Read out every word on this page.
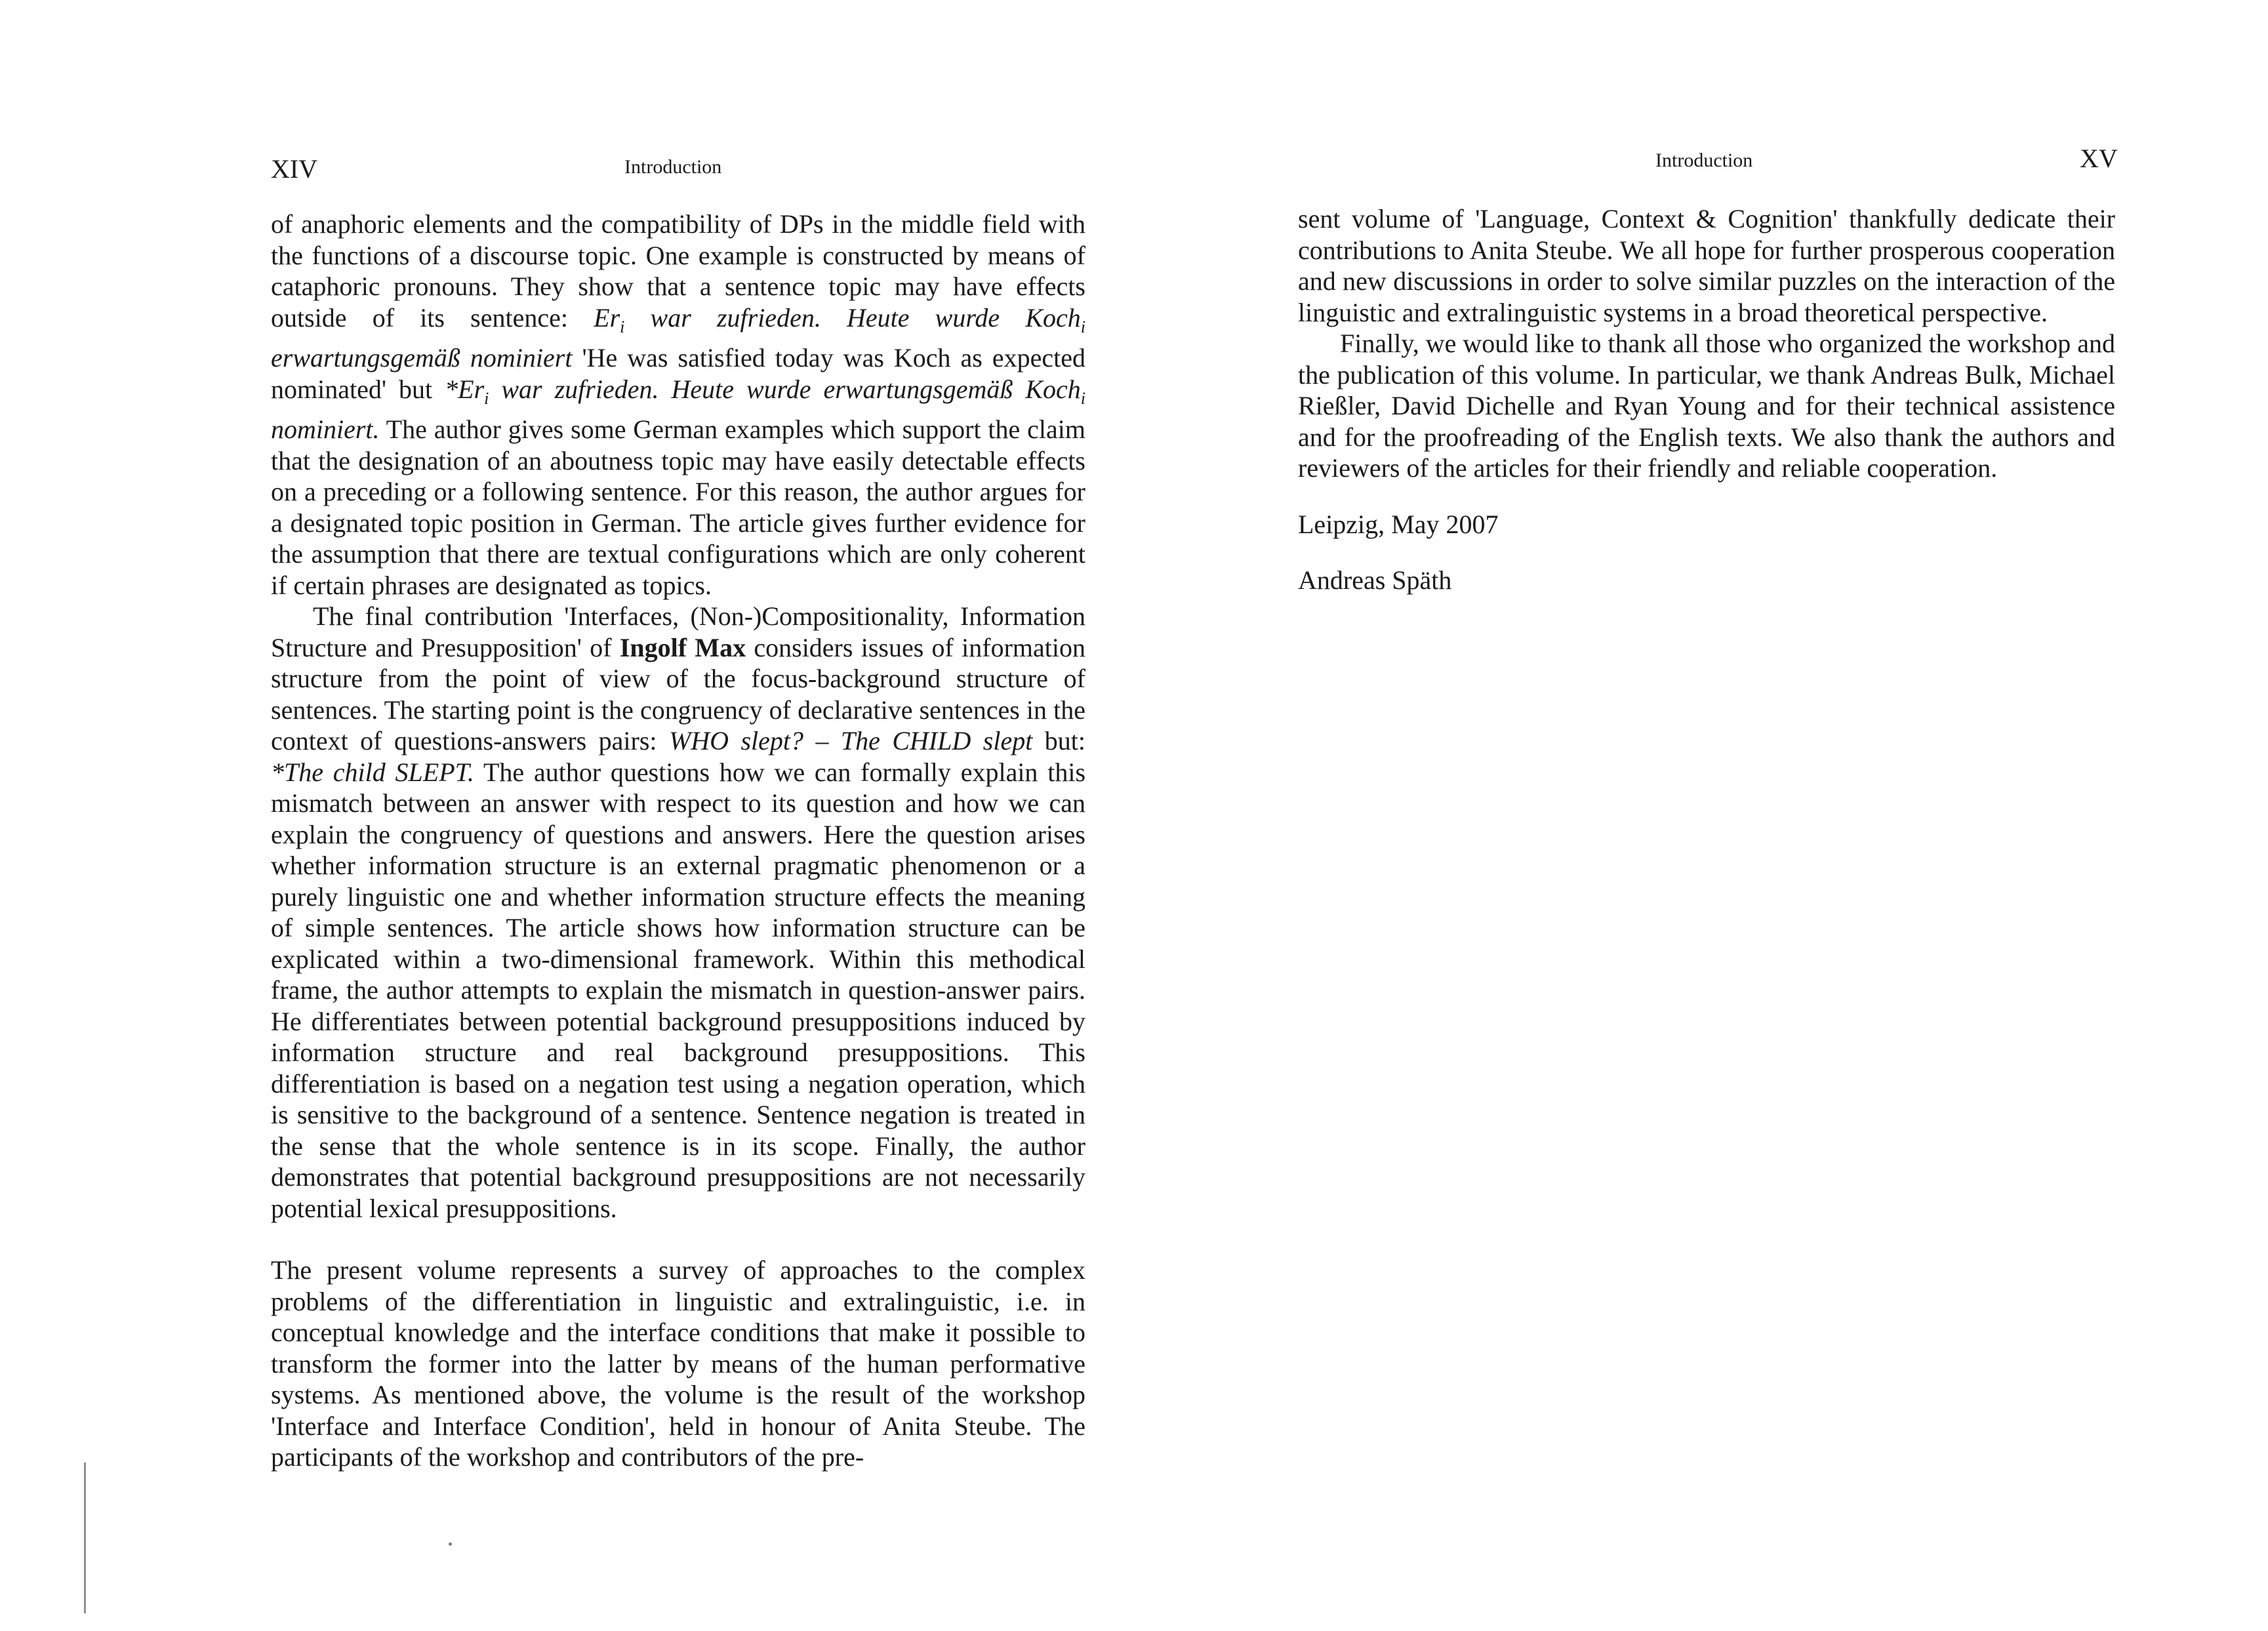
XIV	Introduction

of anaphoric elements and the compatibility of DPs in the middle field with the functions of a discourse topic. One example is constructed by means of cataphoric pronouns. They show that a sentence topic may have effects outside of its sentence: $Er_i$ war zufrieden. Heute wurde Koch$_i$ erwartungsgemäß nominiert 'He was satisfied today was Koch as expected nominated' but $*Er_i$ war zufrieden. Heute wurde erwartungsgemäß Koch$_i$ nominiert. The author gives some German examples which support the claim that the designation of an aboutness topic may have easily detectable effects on a preceding or a following sentence. For this reason, the author argues for a designated topic position in German. The article gives further evidence for the assumption that there are textual configurations which are only coherent if certain phrases are designated as topics.

The final contribution 'Interfaces, (Non-)Compositionality, Information Structure and Presupposition' of Ingolf Max considers issues of information structure from the point of view of the focus-background structure of sentences. The starting point is the congruency of declarative sentences in the context of questions-answers pairs: WHO slept? – The CHILD slept but: *The child SLEPT. The author questions how we can formally explain this mismatch between an answer with respect to its question and how we can explain the congruency of questions and answers. Here the question arises whether information structure is an external pragmatic phenomenon or a purely linguistic one and whether information structure effects the meaning of simple sentences. The article shows how information structure can be explicated within a two-dimensional framework. Within this methodical frame, the author attempts to explain the mismatch in question-answer pairs. He differentiates between potential background presuppositions induced by information structure and real background presuppositions. This differentiation is based on a negation test using a negation operation, which is sensitive to the background of a sentence. Sentence negation is treated in the sense that the whole sentence is in its scope. Finally, the author demonstrates that potential background presuppositions are not necessarily potential lexical presuppositions.

The present volume represents a survey of approaches to the complex problems of the differentiation in linguistic and extralinguistic, i.e. in conceptual knowledge and the interface conditions that make it possible to transform the former into the latter by means of the human performative systems. As mentioned above, the volume is the result of the workshop 'Interface and Interface Condition', held in honour of Anita Steube. The participants of the workshop and contributors of the pre-

Introduction	XV

sent volume of 'Language, Context & Cognition' thankfully dedicate their contributions to Anita Steube. We all hope for further prosperous cooperation and new discussions in order to solve similar puzzles on the interaction of the linguistic and extralinguistic systems in a broad theoretical perspective.

Finally, we would like to thank all those who organized the workshop and the publication of this volume. In particular, we thank Andreas Bulk, Michael Rießler, David Dichelle and Ryan Young and for their technical assistence and for the proofreading of the English texts. We also thank the authors and reviewers of the articles for their friendly and reliable cooperation.

Leipzig, May 2007

Andreas Späth
